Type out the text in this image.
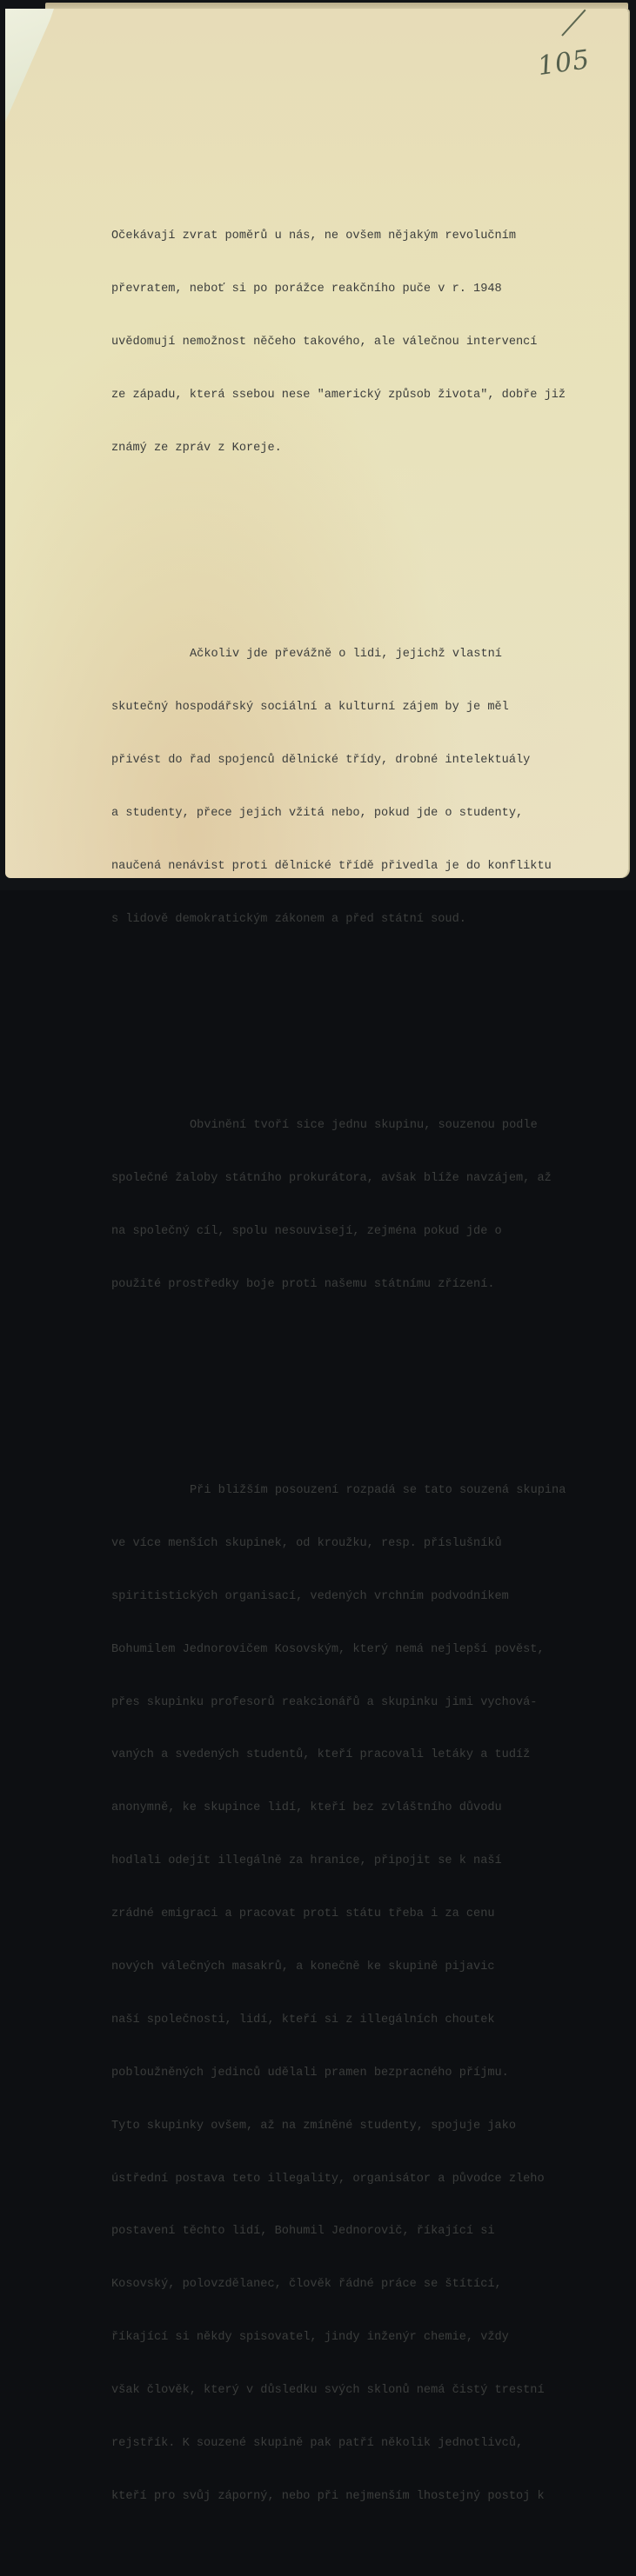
105

Očekávají zvrat poměrů u nás, ne ovšem nějakým revolučním

převratem, neboť si po porážce reakčního puče v r. 1948

uvědomují nemožnost něčeho takového, ale válečnou intervencí

ze západu, která ssebou nese "americký způsob života", dobře již

známý ze zpráv z Koreje.

Ačkoliv jde převážně o lidi, jejichž vlastní

skutečný hospodářský sociální a kulturní zájem by je měl

přivést do řad spojenců dělnické třídy, drobné intelektuály

a studenty, přece jejich vžitá nebo, pokud jde o studenty,

naučená nenávist proti dělnické třídě přivedla je do konfliktu

s lidově demokratickým zákonem a před státní soud.

Obvinění tvoří sice jednu skupinu, souzenou podle

společné žaloby státního prokurátora, avšak blíže navzájem, až

na společný cíl, spolu nesouvisejí, zejména pokud jde o

použité prostředky boje proti našemu státnímu zřízení.

Při bližším posouzení rozpadá se tato souzená skupina

ve více menších skupinek, od kroužku, resp. příslušníků

spiritistických organisací, vedených vrchním podvodníkem

Bohumilem Jednorovičem Kosovským, který nemá nejlepší pověst,

přes skupinku profesorů reakcionářů a skupinku jimi vychová-

vaných a svedených studentů, kteří pracovali letáky a tudíž

anonymně, ke skupince lidí, kteří bez zvláštního důvodu

hodlali odejít illegálně za hranice, připojit se k naší

zrádné emigraci a pracovat proti státu třeba i za cenu

nových válečných masakrů, a konečně ke skupině pijavic

naší společnosti, lidí, kteří si z illegálních choutek

pobloužněných jedinců udělali pramen bezpracného příjmu.

Tyto skupinky ovšem, až na zmíněné studenty, spojuje jako

ústřední postava teto illegality, organisátor a původce zleho

postavení těchto lidí, Bohumil Jednorovič, říkající si

Kosovský, polovzdělanec, člověk řádné práce se štítící,

říkající si někdy spisovatel, jindy inženýr chemie, vždy

však člověk, který v důsledku svých sklonů nemá čistý trestní

rejstřík. K souzené skupině pak patří několik jednotlivců,

kteří pro svůj záporný, nebo při nejmenším lhostejný postoj k
